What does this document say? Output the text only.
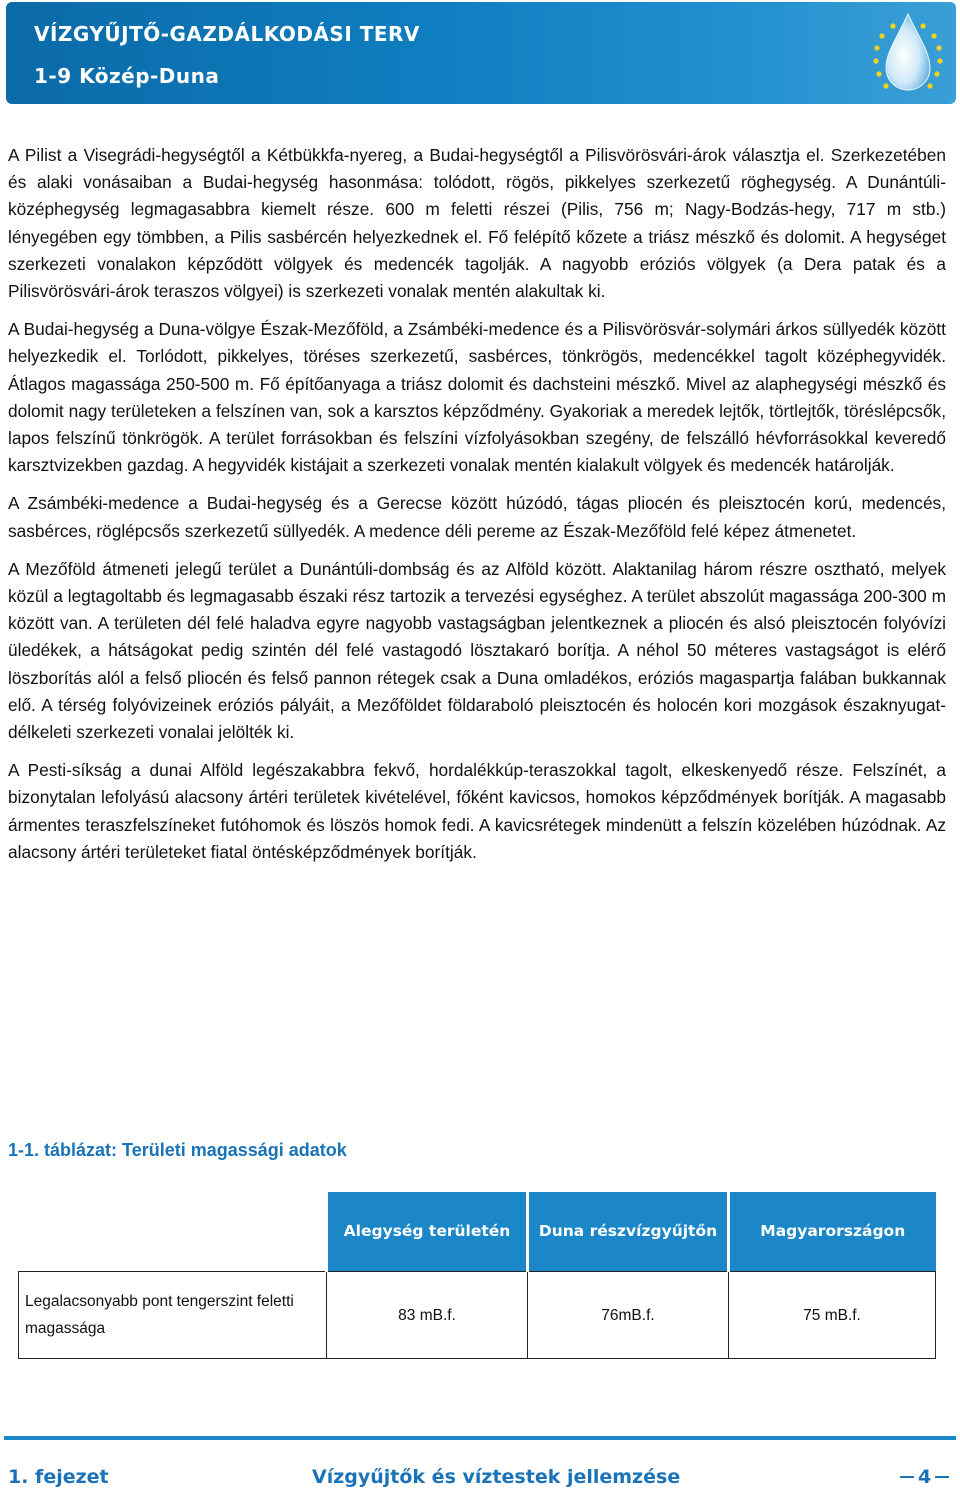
VÍZGYŰJTŐ-GAZDÁLKODÁSI TERV
1-9 Közép-Duna

A Pilist a Visegrádi-hegységtől a Kétbükkfa-nyereg, a Budai-hegységtől a Pilisvörösvári-árok választja el. Szerkezetében és alaki vonásaiban a Budai-hegység hasonmása: tolódott, rögös, pikkelyes szerkezetű röghegység. A Dunántúli-középhegység legmagasabbra kiemelt része. 600 m feletti részei (Pilis, 756 m; Nagy-Bodzás-hegy, 717 m stb.) lényegében egy tömbben, a Pilis sasbércén helyezkednek el. Fő felépítő kőzete a triász mészkő és dolomit. A hegységet szerkezeti vonalakon képződött völgyek és medencék tagolják. A nagyobb eróziós völgyek (a Dera patak és a Pilisvörösvári-árok teraszos völgyei) is szerkezeti vonalak mentén alakultak ki.

A Budai-hegység a Duna-völgye Észak-Mezőföld, a Zsámbéki-medence és a Pilisvörösvár-solymári árkos süllyedék között helyezkedik el. Torlódott, pikkelyes, töréses szerkezetű, sasbérces, tönkrögös, medencékkel tagolt középhegyvidék. Átlagos magassága 250-500 m. Fő építőanyaga a triász dolomit és dachsteini mészkő. Mivel az alaphegységi mészkő és dolomit nagy területeken a felszínen van, sok a karsztos képződmény. Gyakoriak a meredek lejtők, törtlejtők, töréslépcsők, lapos felszínű tönkrögök. A terület forrásokban és felszíni vízfolyásokban szegény, de felszálló hévforrásokkal keveredő karsztvizekben gazdag. A hegyvidék kistájait a szerkezeti vonalak mentén kialakult völgyek és medencék határolják.

A Zsámbéki-medence a Budai-hegység és a Gerecse között húzódó, tágas pliocén és pleisztocén korú, medencés, sasbérces, röglépcsős szerkezetű süllyedék. A medence déli pereme az Észak-Mezőföld felé képez átmenetet.

A Mezőföld átmeneti jelegű terület a Dunántúli-dombság és az Alföld között. Alaktanilag három részre osztható, melyek közül a legtagoltabb és legmagasabb északi rész tartozik a tervezési egységhez. A terület abszolút magassága 200-300 m között van. A területen dél felé haladva egyre nagyobb vastagságban jelentkeznek a pliocén és alsó pleisztocén folyóvízi üledékek, a hátságokat pedig szintén dél felé vastagodó lösztakaró borítja. A néhol 50 méteres vastagságot is elérő löszborítás alól a felső pliocén és felső pannon rétegek csak a Duna omladékos, eróziós magaspartja falában bukkannak elő. A térség folyóvizeinek eróziós pályáit, a Mezőföldet földaraboló pleisztocén és holocén kori mozgások északnyugat- délkeleti szerkezeti vonalai jelölték ki.

A Pesti-síkság a dunai Alföld legészakabbra fekvő, hordalékkúp-teraszokkal tagolt, elkeskenyedő része. Felszínét, a bizonytalan lefolyású alacsony ártéri területek kivételével, főként kavicsos, homokos képződmények borítják. A magasabb ármentes teraszfelszíneket futóhomok és löszös homok fedi. A kavicsrétegek mindenütt a felszín közelében húzódnak. Az alacsony ártéri területeket fiatal öntésképződmények borítják.

1-1. táblázat: Területi magassági adatok
	Alegység területén	Duna részvízgyűjtőn	Magyarországon
Legalacsonyabb pont tengerszint feletti magassága	83 mB.f.	76mB.f.	75 mB.f.
1. fejezet	Vízgyűjtők és víztestek jellemzése	4
